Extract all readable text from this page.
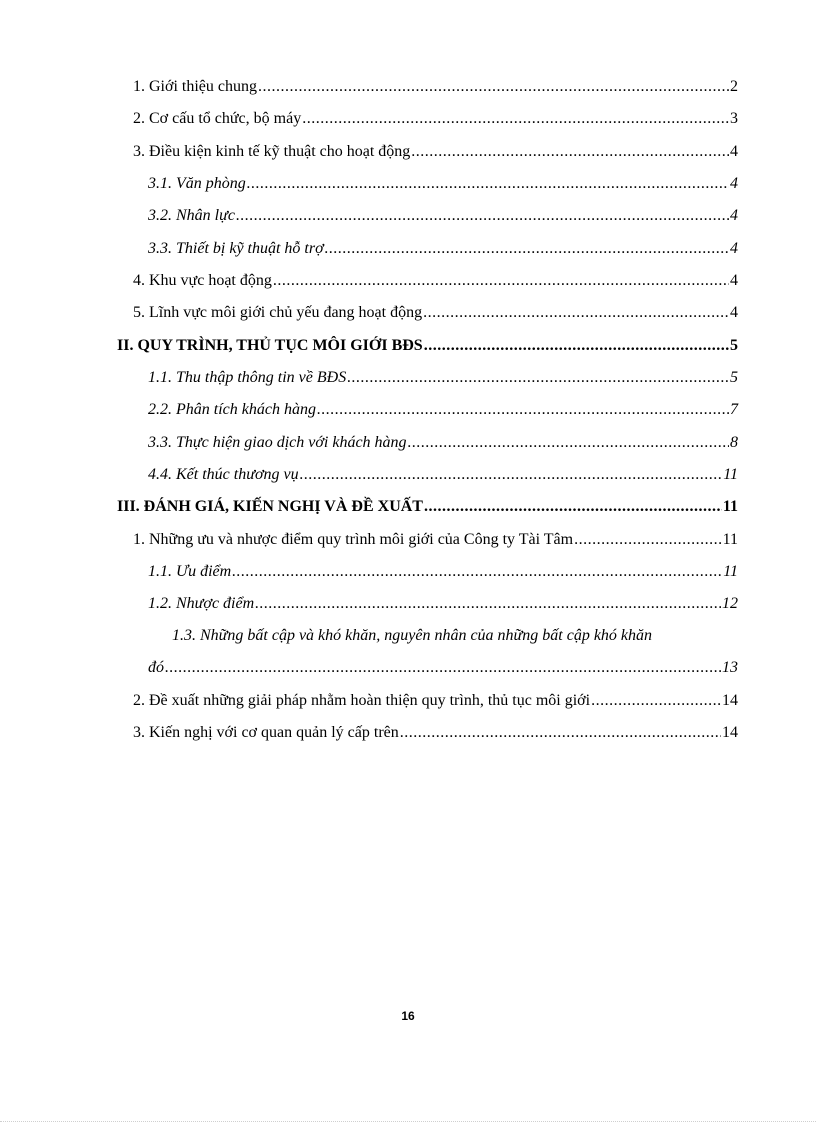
1. Giới thiệu chung .....	2
2. Cơ cấu tổ chức, bộ máy .....	3
3. Điều kiện kinh tế kỹ thuật cho hoạt động .....	4
3.1. Văn phòng .....	4
3.2. Nhân lực .....	4
3.3. Thiết bị kỹ thuật hỗ trợ .....	4
4. Khu vực hoạt động .....	4
5. Lĩnh vực môi giới chủ yếu đang hoạt động .....	4
II. QUY TRÌNH, THỦ TỤC MÔI GIỚI BĐS .....	5
1.1. Thu thập thông tin về BĐS .....	5
2.2. Phân tích khách hàng .....	7
3.3. Thực hiện giao dịch với khách hàng .....	8
4.4. Kết thúc thương vụ .....	11
III. ĐÁNH GIÁ, KIẾN NGHỊ VÀ ĐỀ XUẤT .....	11
1. Những ưu và nhược điểm quy trình môi giới của Công ty Tài Tâm .....	11
1.1. Ưu điểm .....	11
1.2. Nhược điểm .....	12
1.3. Những bất cập và khó khăn, nguyên nhân của những bất cập khó khăn
đó .....	13
2. Đề xuất những giải pháp nhằm hoàn thiện quy trình, thủ tục môi giới .....	14
3. Kiến nghị với cơ quan quản lý cấp trên .....	14
16
